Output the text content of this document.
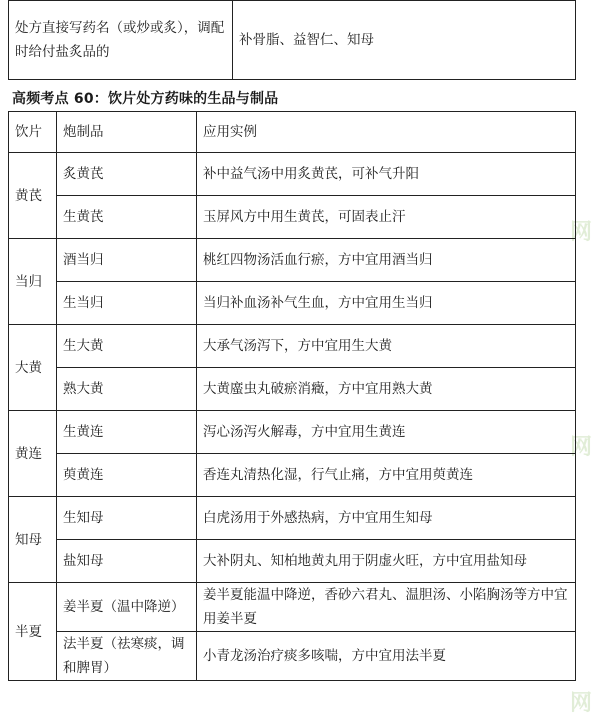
网
网
网
处方直接写药名（或炒或炙），调配时给付盐炙品的	补骨脂、益智仁、知母
高频考点 60：饮片处方药味的生品与制品
饮片	炮制品	应用实例
黄芪	炙黄芪	补中益气汤中用炙黄芪，可补气升阳
	生黄芪	玉屏风方中用生黄芪，可固表止汗
当归	酒当归	桃红四物汤活血行瘀，方中宜用酒当归
	生当归	当归补血汤补气生血，方中宜用生当归
大黄	生大黄	大承气汤泻下，方中宜用生大黄
	熟大黄	大黄䗪虫丸破瘀消癥，方中宜用熟大黄
黄连	生黄连	泻心汤泻火解毒，方中宜用生黄连
	萸黄连	香连丸清热化湿，行气止痛，方中宜用萸黄连
知母	生知母	白虎汤用于外感热病，方中宜用生知母
	盐知母	大补阴丸、知柏地黄丸用于阴虚火旺，方中宜用盐知母
半夏	姜半夏（温中降逆）	姜半夏能温中降逆，香砂六君丸、温胆汤、小陷胸汤等方中宜用姜半夏
	法半夏（祛寒痰，调和脾胃）	小青龙汤治疗痰多咳喘，方中宜用法半夏
